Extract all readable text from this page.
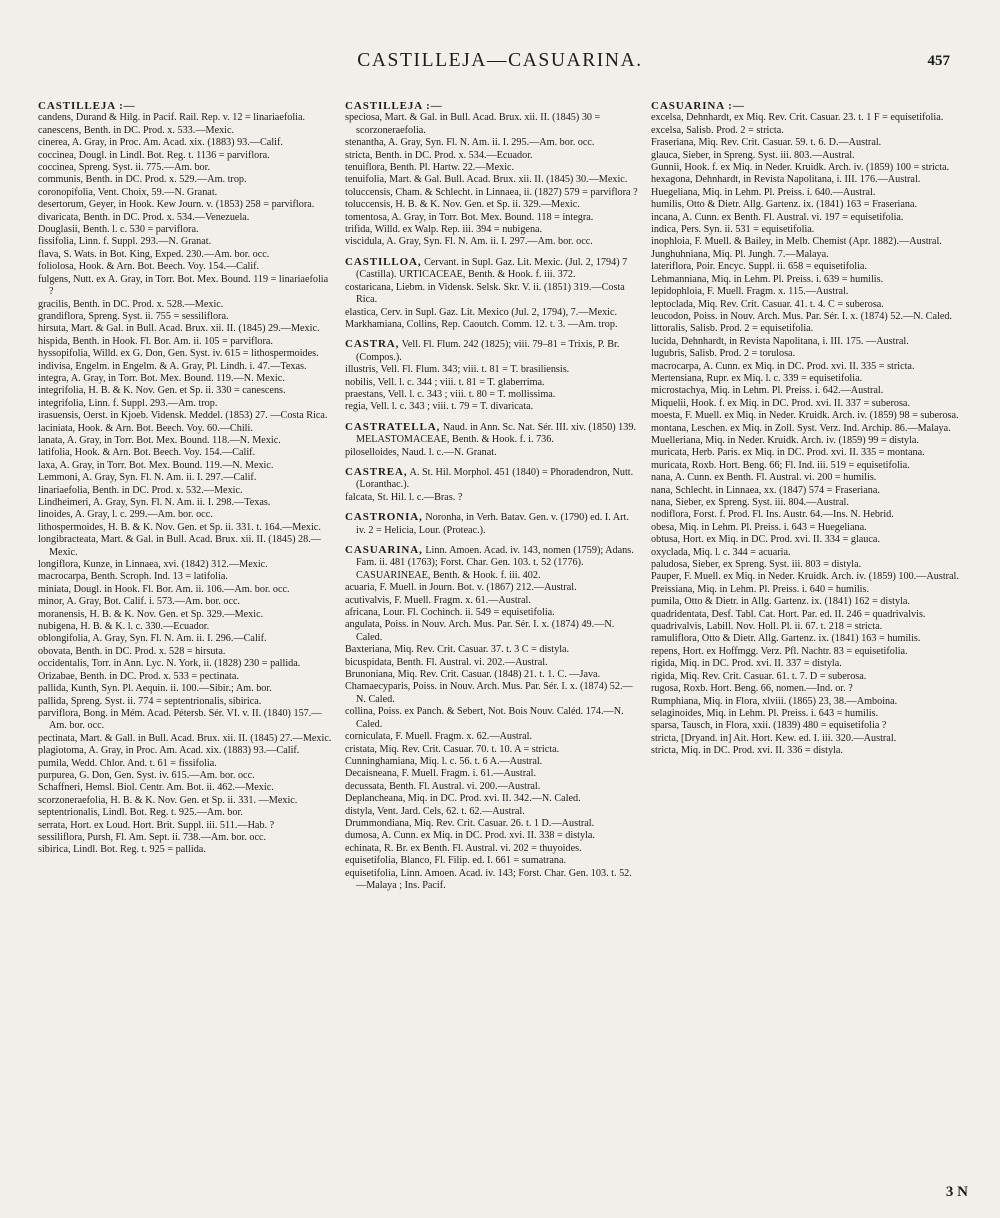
CASTILLEJA—CASUARINA.	457
CASTILLEJA :—
candens, Durand & Hilg. in Pacif. Rail. Rep. v. 12 = linariaefolia.
canescens, Benth. in DC. Prod. x. 533.—Mexic.
cinerea, A. Gray, in Proc. Am. Acad. xix. (1883) 93.—Calif.
coccinea, Dougl. in Lindl. Bot. Reg. t. 1136 = parviflora.
coccinea, Spreng. Syst. ii. 775.—Am. bor.
communis, Benth. in DC. Prod. x. 529.—Am. trop.
coronopifolia, Vent. Choix, 59.—N. Granat.
desertorum, Geyer, in Hook. Kew Journ. v. (1853) 258 = parviflora.
divaricata, Benth. in DC. Prod. x. 534.—Venezuela.
Douglasii, Benth. l. c. 530 = parviflora.
fissifolia, Linn. f. Suppl. 293.—N. Granat.
flava, S. Wats. in Bot. King, Exped. 230.—Am. bor. occ.
foliolosa, Hook. & Arn. Bot. Beech. Voy. 154.—Calif.
fulgens, Nutt. ex A. Gray, in Torr. Bot. Mex. Bound. 119 = linariaefolia ?
gracilis, Benth. in DC. Prod. x. 528.—Mexic.
grandiflora, Spreng. Syst. ii. 755 = sessiliflora.
hirsuta, Mart. & Gal. in Bull. Acad. Brux. xii. II. (1845) 29.—Mexic.
hispida, Benth. in Hook. Fl. Bor. Am. ii. 105 = parviflora.
hyssopifolia, Willd. ex G. Don, Gen. Syst. iv. 615 = lithospermoides.
indivisa, Engelm. in Engelm. & A. Gray, Pl. Lindh. i. 47.—Texas.
integra, A. Gray, in Torr. Bot. Mex. Bound. 119.—N. Mexic.
integrifolia, H. B. & K. Nov. Gen. et Sp. ii. 330 = canescens.
integrifolia, Linn. f. Suppl. 293.—Am. trop.
irasuensis, Oerst. in Kjoeb. Vidensk. Meddel. (1853) 27. —Costa Rica.
laciniata, Hook. & Arn. Bot. Beech. Voy. 60.—Chili.
lanata, A. Gray, in Torr. Bot. Mex. Bound. 118.—N. Mexic.
latifolia, Hook. & Arn. Bot. Beech. Voy. 154.—Calif.
laxa, A. Gray, in Torr. Bot. Mex. Bound. 119.—N. Mexic.
Lemmoni, A. Gray, Syn. Fl. N. Am. ii. I. 297.—Calif.
linariaefolia, Benth. in DC. Prod. x. 532.—Mexic.
Lindheimeri, A. Gray, Syn. Fl. N. Am. ii. I. 298.—Texas.
linoides, A. Gray, l. c. 299.—Am. bor. occ.
lithospermoides, H. B. & K. Nov. Gen. et Sp. ii. 331. t. 164.—Mexic.
longibracteata, Mart. & Gal. in Bull. Acad. Brux. xii. II. (1845) 28.—Mexic.
longiflora, Kunze, in Linnaea, xvi. (1842) 312.—Mexic.
macrocarpa, Benth. Scroph. Ind. 13 = latifolia.
miniata, Dougl. in Hook. Fl. Bor. Am. ii. 106.—Am. bor. occ.
minor, A. Gray, Bot. Calif. i. 573.—Am. bor. occ.
moranensis, H. B. & K. Nov. Gen. et Sp. 329.—Mexic.
nubigena, H. B. & K. l. c. 330.—Ecuador.
oblongifolia, A. Gray, Syn. Fl. N. Am. ii. I. 296.—Calif.
obovata, Benth. in DC. Prod. x. 528 = hirsuta.
occidentalis, Torr. in Ann. Lyc. N. York, ii. (1828) 230 = pallida.
Orizabae, Benth. in DC. Prod. x. 533 = pectinata.
pallida, Kunth, Syn. Pl. Aequin. ii. 100.—Sibir.; Am. bor.
pallida, Spreng. Syst. ii. 774 = septentrionalis, sibirica.
parviflora, Bong. in Mém. Acad. Pétersb. Sér. VI. v. II. (1840) 157.—Am. bor. occ.
pectinata, Mart. & Gall. in Bull. Acad. Brux. xii. II. (1845) 27.—Mexic.
plagiotoma, A. Gray, in Proc. Am. Acad. xix. (1883) 93.—Calif.
pumila, Wedd. Chlor. And. t. 61 = fissifolia.
purpurea, G. Don, Gen. Syst. iv. 615.—Am. bor. occ.
Schaffneri, Hemsl. Biol. Centr. Am. Bot. ii. 462.—Mexic.
scorzoneraefolia, H. B. & K. Nov. Gen. et Sp. ii. 331. —Mexic.
septentrionalis, Lindl. Bot. Reg. t. 925.—Am. bor.
serrata, Hort. ex Loud. Hort. Brit. Suppl. iii. 511.—Hab. ?
sessiliflora, Pursh, Fl. Am. Sept. ii. 738.—Am. bor. occ.
sibirica, Lindl. Bot. Reg. t. 925 = pallida.
CASTILLEJA :—
speciosa, Mart. & Gal. in Bull. Acad. Brux. xii. II. (1845) 30 = scorzoneraefolia.
stenantha, A. Gray, Syn. Fl. N. Am. ii. I. 295.—Am. bor. occ.
stricta, Benth. in DC. Prod. x. 534.—Ecuador.
tenuiflora, Benth. Pl. Hartw. 22.—Mexic.
tenuifolia, Mart. & Gal. Bull. Acad. Brux. xii. II. (1845) 30.—Mexic.
toluccensis, Cham. & Schlecht. in Linnaea, ii. (1827) 579 = parviflora ?
toluccensis, H. B. & K. Nov. Gen. et Sp. ii. 329.—Mexic.
tomentosa, A. Gray, in Torr. Bot. Mex. Bound. 118 = integra.
trifida, Willd. ex Walp. Rep. iii. 394 = nubigena.
viscidula, A. Gray, Syn. Fl. N. Am. ii. I. 297.—Am. bor. occ.
CASTILLOA, Cervant. in Supl. Gaz. Lit. Mexic. (Jul. 2, 1794) 7 (Castilla). URTICACEAE, Benth. & Hook. f. iii. 372.
costaricana, Liebm. in Vidensk. Selsk. Skr. V. ii. (1851) 319.—Costa Rica.
elastica, Cerv. in Supl. Gaz. Lit. Mexico (Jul. 2, 1794), 7.—Mexic.
Markhamiana, Collins, Rep. Caoutch. Comm. 12. t. 3. —Am. trop.
CASTRA, Vell. Fl. Flum. 242 (1825); viii. 79–81 = Trixis, P. Br. (Compos.).
illustris, Vell. Fl. Flum. 343; viii. t. 81 = T. brasiliensis.
nobilis, Vell. l. c. 344 ; viii. t. 81 = T. glaberrima.
praestans, Vell. l. c. 343 ; viii. t. 80 = T. mollissima.
regia, Vell. l. c. 343 ; viii. t. 79 = T. divaricata.
CASTRATELLA, Naud. in Ann. Sc. Nat. Sér. III. xiv. (1850) 139. MELASTOMACEAE, Benth. & Hook. f. i. 736.
piloselloides, Naud. l. c.—N. Granat.
CASTREA, A. St. Hil. Morphol. 451 (1840) = Phoradendron, Nutt. (Loranthac.).
falcata, St. Hil. l. c.—Bras. ?
CASTRONIA, Noronha, in Verh. Batav. Gen. v. (1790) ed. I. Art. iv. 2 = Helicia, Lour. (Proteac.).
CASUARINA, Linn. Amoen. Acad. iv. 143, nomen (1759); Adans. Fam. ii. 481 (1763); Forst. Char. Gen. 103. t. 52 (1776). CASUARINEAE, Benth. & Hook. f. iii. 402.
acuaria, F. Muell. in Journ. Bot. v. (1867) 212.—Austral.
acutivalvis, F. Muell. Fragm. x. 61.—Austral.
africana, Lour. Fl. Cochinch. ii. 549 = equisetifolia.
angulata, Poiss. in Nouv. Arch. Mus. Par. Sér. I. x. (1874) 49.—N. Caled.
Baxteriana, Miq. Rev. Crit. Casuar. 37. t. 3 C = distyla.
bicuspidata, Benth. Fl. Austral. vi. 202.—Austral.
Brunoniana, Miq. Rev. Crit. Casuar. (1848) 21. t. 1. C. —Java.
Chamaecyparis, Poiss. in Nouv. Arch. Mus. Par. Sér. I. x. (1874) 52.—N. Caled.
collina, Poiss. ex Panch. & Sebert, Not. Bois Nouv. Caléd. 174.—N. Caled.
corniculata, F. Muell. Fragm. x. 62.—Austral.
cristata, Miq. Rev. Crit. Casuar. 70. t. 10. A = stricta.
Cunninghamiana, Miq. l. c. 56. t. 6 A.—Austral.
Decaisneana, F. Muell. Fragm. i. 61.—Austral.
decussata, Benth. Fl. Austral. vi. 200.—Austral.
Deplancheana, Miq. in DC. Prod. xvi. II. 342.—N. Caled.
distyla, Vent. Jard. Cels, 62. t. 62.—Austral.
Drummondiana, Miq. Rev. Crit. Casuar. 26. t. 1 D.—Austral.
dumosa, A. Cunn. ex Miq. in DC. Prod. xvi. II. 338 = distyla.
echinata, R. Br. ex Benth. Fl. Austral. vi. 202 = thuyoides.
equisetifolia, Blanco, Fl. Filip. ed. I. 661 = sumatrana.
equisetifolia, Linn. Amoen. Acad. iv. 143; Forst. Char. Gen. 103. t. 52.—Malaya ; Ins. Pacif.
CASUARINA :—
excelsa, Dehnhardt, ex Miq. Rev. Crit. Casuar. 23. t. 1 F = equisetifolia.
excelsa, Salisb. Prod. 2 = stricta.
Fraseriana, Miq. Rev. Crit. Casuar. 59. t. 6. D.—Austral.
glauca, Sieber, in Spreng. Syst. iii. 803.—Austral.
Gunnii, Hook. f. ex Miq. in Neder. Kruidk. Arch. iv. (1859) 100 = stricta.
hexagona, Dehnhardt, in Revista Napolitana, i. III. 176.—Austral.
Huegeliana, Miq. in Lehm. Pl. Preiss. i. 640.—Austral.
humilis, Otto & Dietr. Allg. Gartenz. ix. (1841) 163 = Fraseriana.
incana, A. Cunn. ex Benth. Fl. Austral. vi. 197 = equisetifolia.
indica, Pers. Syn. ii. 531 = equisetifolia.
inophloia, F. Muell. & Bailey, in Melb. Chemist (Apr. 1882).—Austral.
Junghuhniana, Miq. Pl. Jungh. 7.—Malaya.
lateriflora, Poir. Encyc. Suppl. ii. 658 = equisetifolia.
Lehmanniana, Miq. in Lehm. Pl. Preiss. i. 639 = humilis.
lepidophloia, F. Muell. Fragm. x. 115.—Austral.
leptoclada, Miq. Rev. Crit. Casuar. 41. t. 4. C = suberosa.
leucodon, Poiss. in Nouv. Arch. Mus. Par. Sér. I. x. (1874) 52.—N. Caled.
littoralis, Salisb. Prod. 2 = equisetifolia.
lucida, Dehnhardt, in Revista Napolitana, i. III. 175. —Austral.
lugubris, Salisb. Prod. 2 = torulosa.
macrocarpa, A. Cunn. ex Miq. in DC. Prod. xvi. II. 335 = stricta.
Mertensiana, Rupr. ex Miq. l. c. 339 = equisetifolia.
microstachya, Miq. in Lehm. Pl. Preiss. i. 642.—Austral.
Miquelii, Hook. f. ex Miq. in DC. Prod. xvi. II. 337 = suberosa.
moesta, F. Muell. ex Miq. in Neder. Kruidk. Arch. iv. (1859) 98 = suberosa.
montana, Leschen. ex Miq. in Zoll. Syst. Verz. Ind. Archip. 86.—Malaya.
Muelleriana, Miq. in Neder. Kruidk. Arch. iv. (1859) 99 = distyla.
muricata, Herb. Paris. ex Miq. in DC. Prod. xvi. II. 335 = montana.
muricata, Roxb. Hort. Beng. 66; Fl. Ind. iii. 519 = equisetifolia.
nana, A. Cunn. ex Benth. Fl. Austral. vi. 200 = humilis.
nana, Schlecht. in Linnaea, xx. (1847) 574 = Fraseriana.
nana, Sieber, ex Spreng. Syst. iii. 804.—Austral.
nodiflora, Forst. f. Prod. Fl. Ins. Austr. 64.—Ins. N. Hebrid.
obesa, Miq. in Lehm. Pl. Preiss. i. 643 = Huegeliana.
obtusa, Hort. ex Miq. in DC. Prod. xvi. II. 334 = glauca.
oxyclada, Miq. l. c. 344 = acuaria.
paludosa, Sieber, ex Spreng. Syst. iii. 803 = distyla.
Pauper, F. Muell. ex Miq. in Neder. Kruidk. Arch. iv. (1859) 100.—Austral.
Preissiana, Miq. in Lehm. Pl. Preiss. i. 640 = humilis.
pumila, Otto & Dietr. in Allg. Gartenz. ix. (1841) 162 = distyla.
quadridentata, Desf. Tabl. Cat. Hort. Par. ed. II. 246 = quadrivalvis.
quadrivalvis, Labill. Nov. Holl. Pl. ii. 67. t. 218 = stricta.
ramuliflora, Otto & Dietr. Allg. Gartenz. ix. (1841) 163 = humilis.
repens, Hort. ex Hoffmgg. Verz. Pfl. Nachtr. 83 = equisetifolia.
rigida, Miq. in DC. Prod. xvi. II. 337 = distyla.
rigida, Miq. Rev. Crit. Casuar. 61. t. 7. D = suberosa.
rugosa, Roxb. Hort. Beng. 66, nomen.—Ind. or. ?
Rumphiana, Miq. in Flora, xlviii. (1865) 23, 38.—Amboina.
selaginoides, Miq. in Lehm. Pl. Preiss. i. 643 = humilis.
sparsa, Tausch, in Flora, xxii. (1839) 480 = equisetifolia ?
stricta, [Dryand. in] Ait. Hort. Kew. ed. I. iii. 320.—Austral.
stricta, Miq. in DC. Prod. xvi. II. 336 = distyla.
3 N
